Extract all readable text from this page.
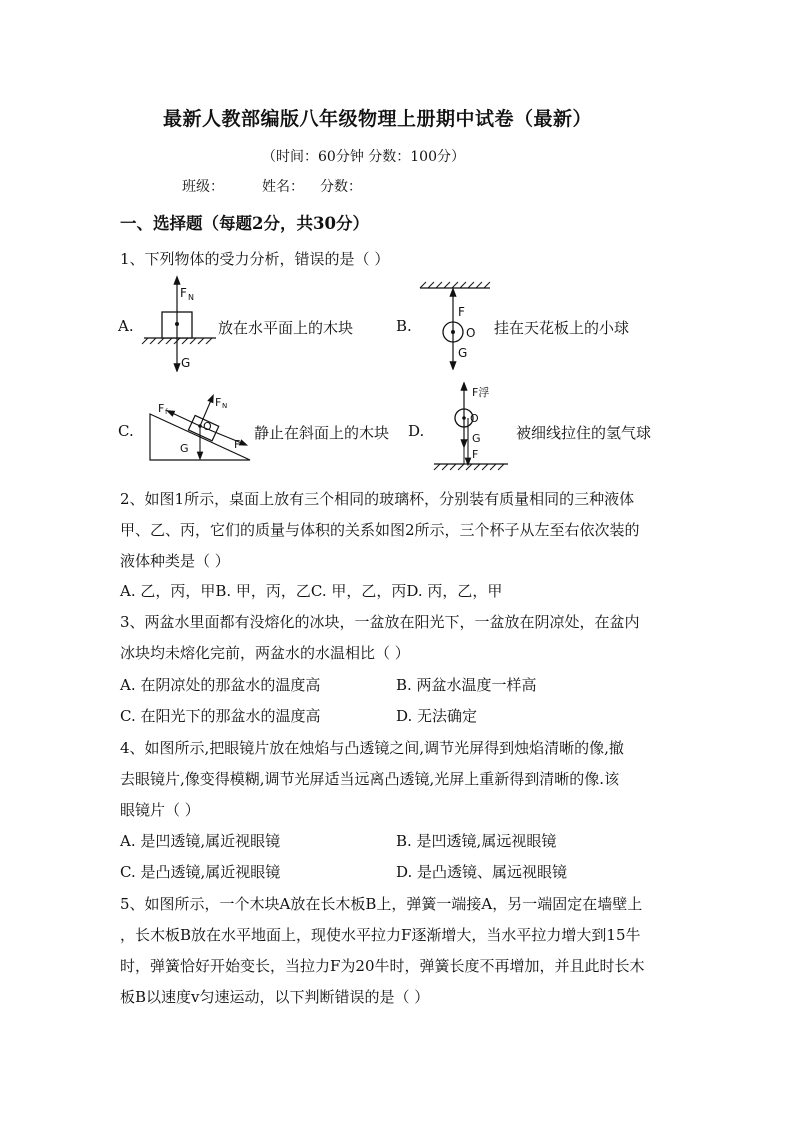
最新人教部编版八年级物理上册期中试卷（最新）
（时间：60分钟 分数：100分）
班级：	姓名： 分数：
一、选择题（每题2分，共30分）
1、下列物体的受力分析，错误的是（ ）
A.	放在水平面上的木块	B.	挂在天花板上的小球
C.	静止在斜面上的木块 D.	被细线拉住的氢气球
F N
G
F
O
G
F f
F N
O
G	F
F浮
O
G
F
2、如图1所示，桌面上放有三个相同的玻璃杯，分别装有质量相同的三种液体
甲、乙、丙，它们的质量与体积的关系如图2所示，三个杯子从左至右依次装的
液体种类是（ ）
A. 乙，丙，甲B. 甲，丙，乙C. 甲，乙，丙D. 丙，乙，甲
3、两盆水里面都有没熔化的冰块，一盆放在阳光下，一盆放在阴凉处，在盆内
冰块均未熔化完前，两盆水的水温相比（ ）
A. 在阴凉处的那盆水的温度高	B. 两盆水温度一样高
C. 在阳光下的那盆水的温度高	D. 无法确定
4、如图所示,把眼镜片放在烛焰与凸透镜之间,调节光屏得到烛焰清晰的像,撤
去眼镜片,像变得模糊,调节光屏适当远离凸透镜,光屏上重新得到清晰的像.该
眼镜片（ ）
A. 是凹透镜,属近视眼镜	B. 是凹透镜,属远视眼镜
C. 是凸透镜,属近视眼镜	D. 是凸透镜、属远视眼镜
5、如图所示，一个木块A放在长木板B上，弹簧一端接A，另一端固定在墙壁上
，长木板B放在水平地面上，现使水平拉力F逐渐增大，当水平拉力增大到15牛
时，弹簧恰好开始变长，当拉力F为20牛时，弹簧长度不再增加，并且此时长木
板B以速度v匀速运动，以下判断错误的是（ ）
